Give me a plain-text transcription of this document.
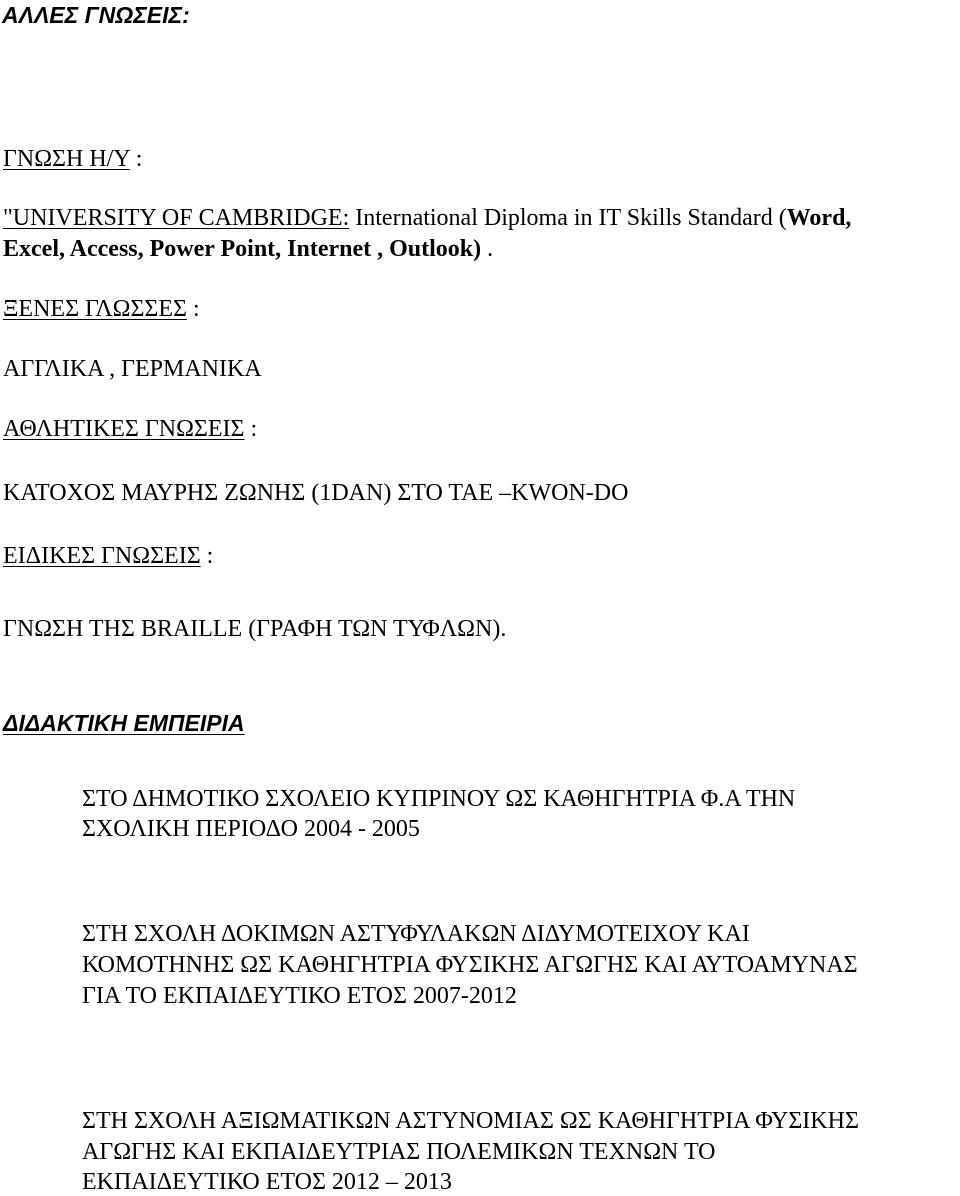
ΑΛΛΕΣ ΓΝΩΣΕΙΣ:

ΓΝΩΣΗ Η/Υ :

"UNIVERSITY OF CAMBRIDGE: International Diploma in IT Skills Standard (Word,

Excel, Access, Power Point, Internet , Outlook) .

ΞΕΝΕΣ ΓΛΩΣΣΕΣ :

ΑΓΓΛΙΚΑ , ΓΕΡΜΑΝΙΚΑ

ΑΘΛΗΤΙΚΕΣ ΓΝΩΣΕΙΣ :

ΚΑΤΟΧΟΣ ΜΑΥΡΗΣ ΖΩΝΗΣ (1DAN) ΣΤΟ ΤΑΕ –KWON-DO

ΕΙΔΙΚΕΣ ΓΝΩΣΕΙΣ :

ΓΝΩΣΗ ΤΗΣ BRAILLE (ΓΡΑΦΗ ΤΩΝ ΤΥΦΛΩΝ).

ΔΙΔΑΚΤΙΚΗ ΕΜΠΕΙΡΙΑ

ΣΤΟ ΔΗΜΟΤΙΚΟ ΣΧΟΛΕΙΟ ΚΥΠΡΙΝΟΥ ΩΣ ΚΑΘΗΓΗΤΡΙΑ Φ.Α ΤΗΝ

ΣΧΟΛΙΚΗ ΠΕΡΙΟΔΟ 2004 - 2005

ΣΤΗ ΣΧΟΛΗ ΔΟΚΙΜΩΝ ΑΣΤΥΦΥΛΑΚΩΝ ΔΙΔΥΜΟΤΕΙΧΟΥ ΚΑΙ

ΚΟΜΟΤΗΝΗΣ ΩΣ ΚΑΘΗΓΗΤΡΙΑ ΦΥΣΙΚΗΣ ΑΓΩΓΗΣ ΚΑΙ ΑΥΤΟΑΜΥΝΑΣ

ΓΙΑ ΤΟ ΕΚΠΑΙΔΕΥΤΙΚΟ ΕΤΟΣ 2007-2012

ΣΤΗ ΣΧΟΛΗ ΑΞΙΩΜΑΤΙΚΩΝ ΑΣΤΥΝΟΜΙΑΣ ΩΣ ΚΑΘΗΓΗΤΡΙΑ ΦΥΣΙΚΗΣ

ΑΓΩΓΗΣ ΚΑΙ ΕΚΠΑΙΔΕΥΤΡΙΑΣ ΠΟΛΕΜΙΚΩΝ ΤΕΧΝΩΝ ΤΟ

ΕΚΠΑΙΔΕΥΤΙΚΟ ΕΤΟΣ 2012 – 2013
